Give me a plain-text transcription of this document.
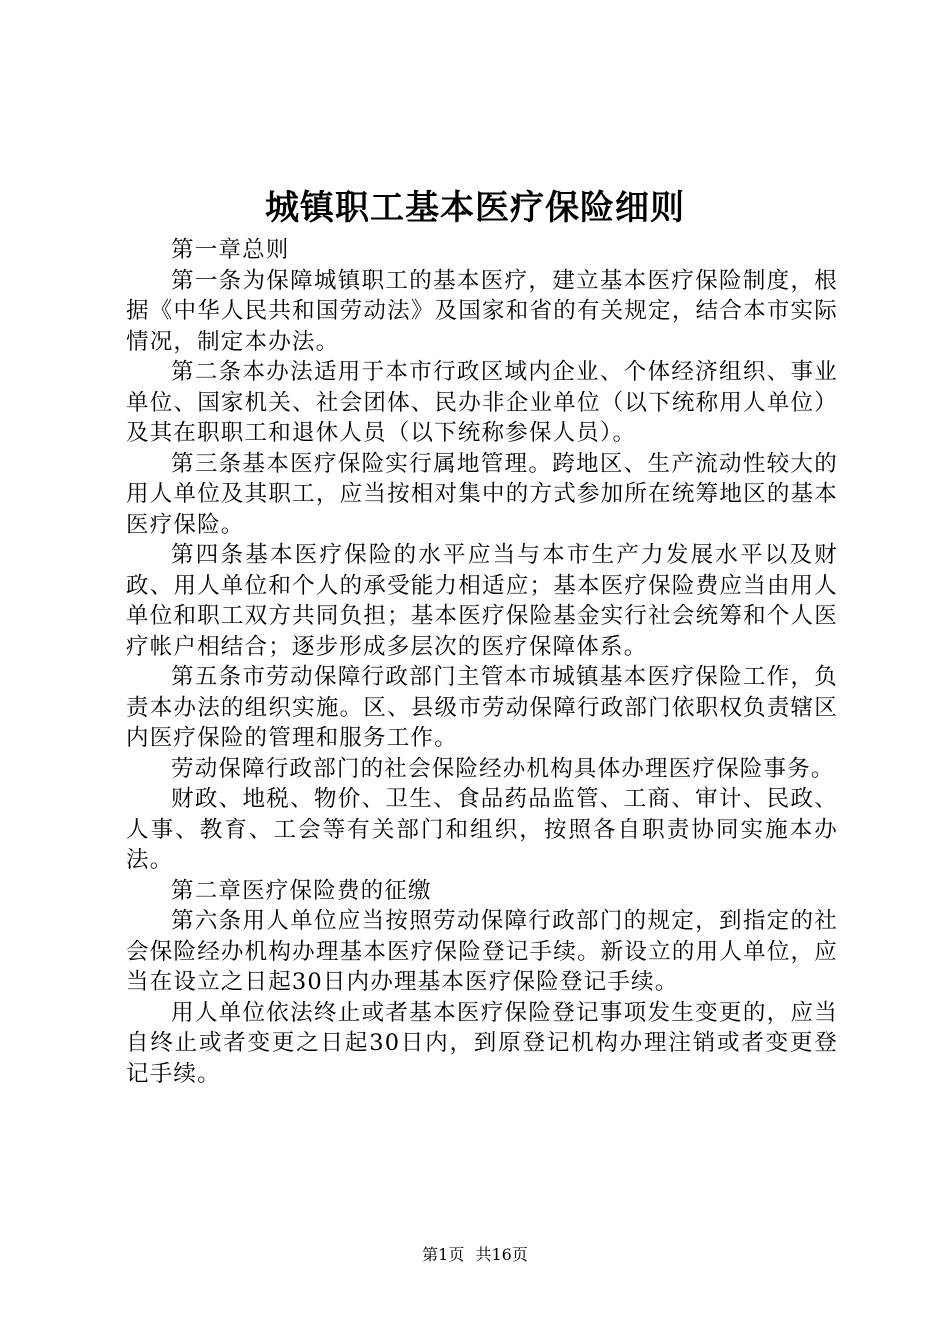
城镇职工基本医疗保险细则

第一章总则

第一条为保障城镇职工的基本医疗，建立基本医疗保险制度，根据《中华人民共和国劳动法》及国家和省的有关规定，结合本市实际情况，制定本办法。

第二条本办法适用于本市行政区域内企业、个体经济组织、事业单位、国家机关、社会团体、民办非企业单位（以下统称用人单位）及其在职职工和退休人员（以下统称参保人员）。

第三条基本医疗保险实行属地管理。跨地区、生产流动性较大的用人单位及其职工，应当按相对集中的方式参加所在统筹地区的基本医疗保险。

第四条基本医疗保险的水平应当与本市生产力发展水平以及财政、用人单位和个人的承受能力相适应；基本医疗保险费应当由用人单位和职工双方共同负担；基本医疗保险基金实行社会统筹和个人医疗帐户相结合；逐步形成多层次的医疗保障体系。

第五条市劳动保障行政部门主管本市城镇基本医疗保险工作，负责本办法的组织实施。区、县级市劳动保障行政部门依职权负责辖区内医疗保险的管理和服务工作。

劳动保障行政部门的社会保险经办机构具体办理医疗保险事务。

财政、地税、物价、卫生、食品药品监管、工商、审计、民政、人事、教育、工会等有关部门和组织，按照各自职责协同实施本办法。

第二章医疗保险费的征缴

第六条用人单位应当按照劳动保障行政部门的规定，到指定的社会保险经办机构办理基本医疗保险登记手续。新设立的用人单位，应当在设立之日起30日内办理基本医疗保险登记手续。

用人单位依法终止或者基本医疗保险登记事项发生变更的，应当自终止或者变更之日起30日内，到原登记机构办理注销或者变更登记手续。

第1页 共16页
